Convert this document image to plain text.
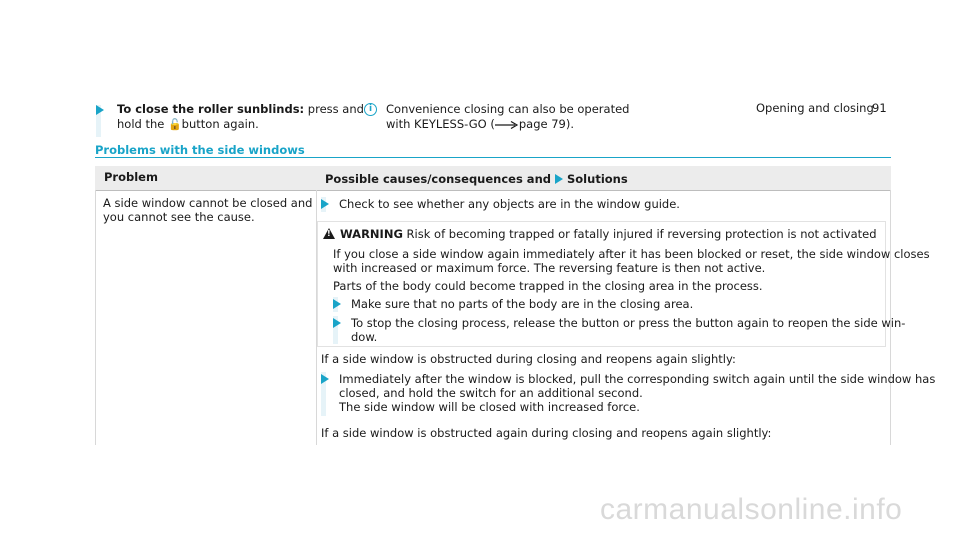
Opening and closing
91
To close the roller sunblinds: press and
hold the 🔓 button again.
i	Convenience closing can also be operated
with KEYLESS-GO ( page 79).
Problems with the side windows
Problem	Possible causes/consequences and  Solutions
A side window cannot be closed and
you cannot see the cause.
Check to see whether any objects are in the window guide.
!
WARNING Risk of becoming trapped or fatally injured if reversing protection is not activated
If you close a side window again immediately after it has been blocked or reset, the side window closes
with increased or maximum force. The reversing feature is then not active.
Parts of the body could become trapped in the closing area in the process.
Make sure that no parts of the body are in the closing area.
To stop the closing process, release the button or press the button again to reopen the side win-
dow.
If a side window is obstructed during closing and reopens again slightly:
Immediately after the window is blocked, pull the corresponding switch again until the side window has
closed, and hold the switch for an additional second.
The side window will be closed with increased force.
If a side window is obstructed again during closing and reopens again slightly:
carmanualsonline.info
